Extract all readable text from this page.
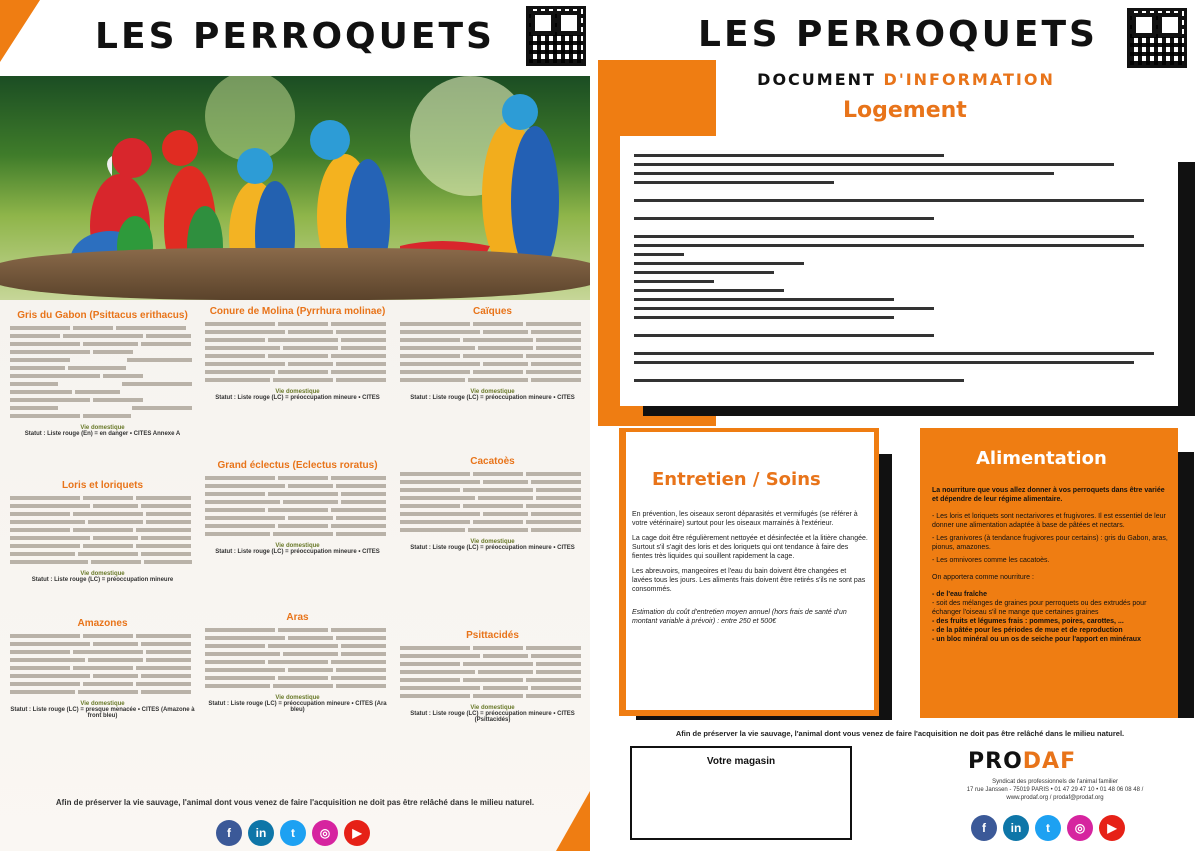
LES PERROQUETS
Gris du Gabon (Psittacus erithacus)

Vie domestique
Statut : Liste rouge (En) = en danger • CITES Annexe A
Loris et loriquets

Vie domestique
Statut : Liste rouge (LC) = préoccupation mineure
Amazones

Vie domestique
Statut : Liste rouge (LC) = presque menacée • CITES (Amazone à front bleu)
Conure de Molina (Pyrrhura molinae)

Vie domestique
Statut : Liste rouge (LC) = préoccupation mineure • CITES
Grand éclectus (Eclectus roratus)

Vie domestique
Statut : Liste rouge (LC) = préoccupation mineure • CITES
Aras

Vie domestique
Statut : Liste rouge (LC) = préoccupation mineure • CITES (Ara bleu)
Caïques

Vie domestique
Statut : Liste rouge (LC) = préoccupation mineure • CITES
Cacatoès

Vie domestique
Statut : Liste rouge (LC) = préoccupation mineure • CITES
Psittacidés

Vie domestique
Statut : Liste rouge (LC) = préoccupation mineure • CITES (Psittacidés)
Afin de préserver la vie sauvage, l'animal dont vous venez de faire l'acquisition ne doit pas être relâché dans le milieu naturel.
f	in	t	◎	▶
LES PERROQUETS
DOCUMENT D'INFORMATION
Logement
Entretien / Soins
En prévention, les oiseaux seront déparasités et vermifugés (se référer à votre vétérinaire) surtout pour les oiseaux marrainés à l'extérieur.
La cage doit être régulièrement nettoyée et désinfectée et la litière changée. Surtout s'il s'agit des loris et des loriquets qui ont tendance à faire des fientes très liquides qui souillent rapidement la cage.
Les abreuvoirs, mangeoires et l'eau du bain doivent être changées et lavées tous les jours. Les aliments frais doivent être retirés s'ils ne sont pas consommés.
Estimation du coût d'entretien moyen annuel (hors frais de santé d'un montant variable à prévoir) : entre 250 et 500€
Alimentation
La nourriture que vous allez donner à vos perroquets dans être variée et dépendre de leur régime alimentaire.
- Les loris et loriquets sont nectarivores et frugivores. Il est essentiel de leur donner une alimentation adaptée à base de pâtées et nectars.
- Les granivores (à tendance frugivores pour certains) : gris du Gabon, aras, pionus, amazones.
- Les omnivores comme les cacatoès.
On apportera comme nourriture :
- de l'eau fraîche
- soit des mélanges de graines pour perroquets ou des extrudés pour échanger l'oiseau s'il ne mange que certaines graines
- des fruits et légumes frais : pommes, poires, carottes, ...
- de la pâtée pour les périodes de mue et de reproduction
- un bloc minéral ou un os de seiche pour l'apport en minéraux
Afin de préserver la vie sauvage, l'animal dont vous venez de faire l'acquisition ne doit pas être relâché dans le milieu naturel.
Votre magasin	PRODAF
Syndicat des professionnels de l'animal familier
17 rue Janssen - 75019 PARIS • 01 47 29 47 10 • 01 48 06 08 48 /
www.prodaf.org / prodaf@prodaf.org
f	in	t	◎	▶
